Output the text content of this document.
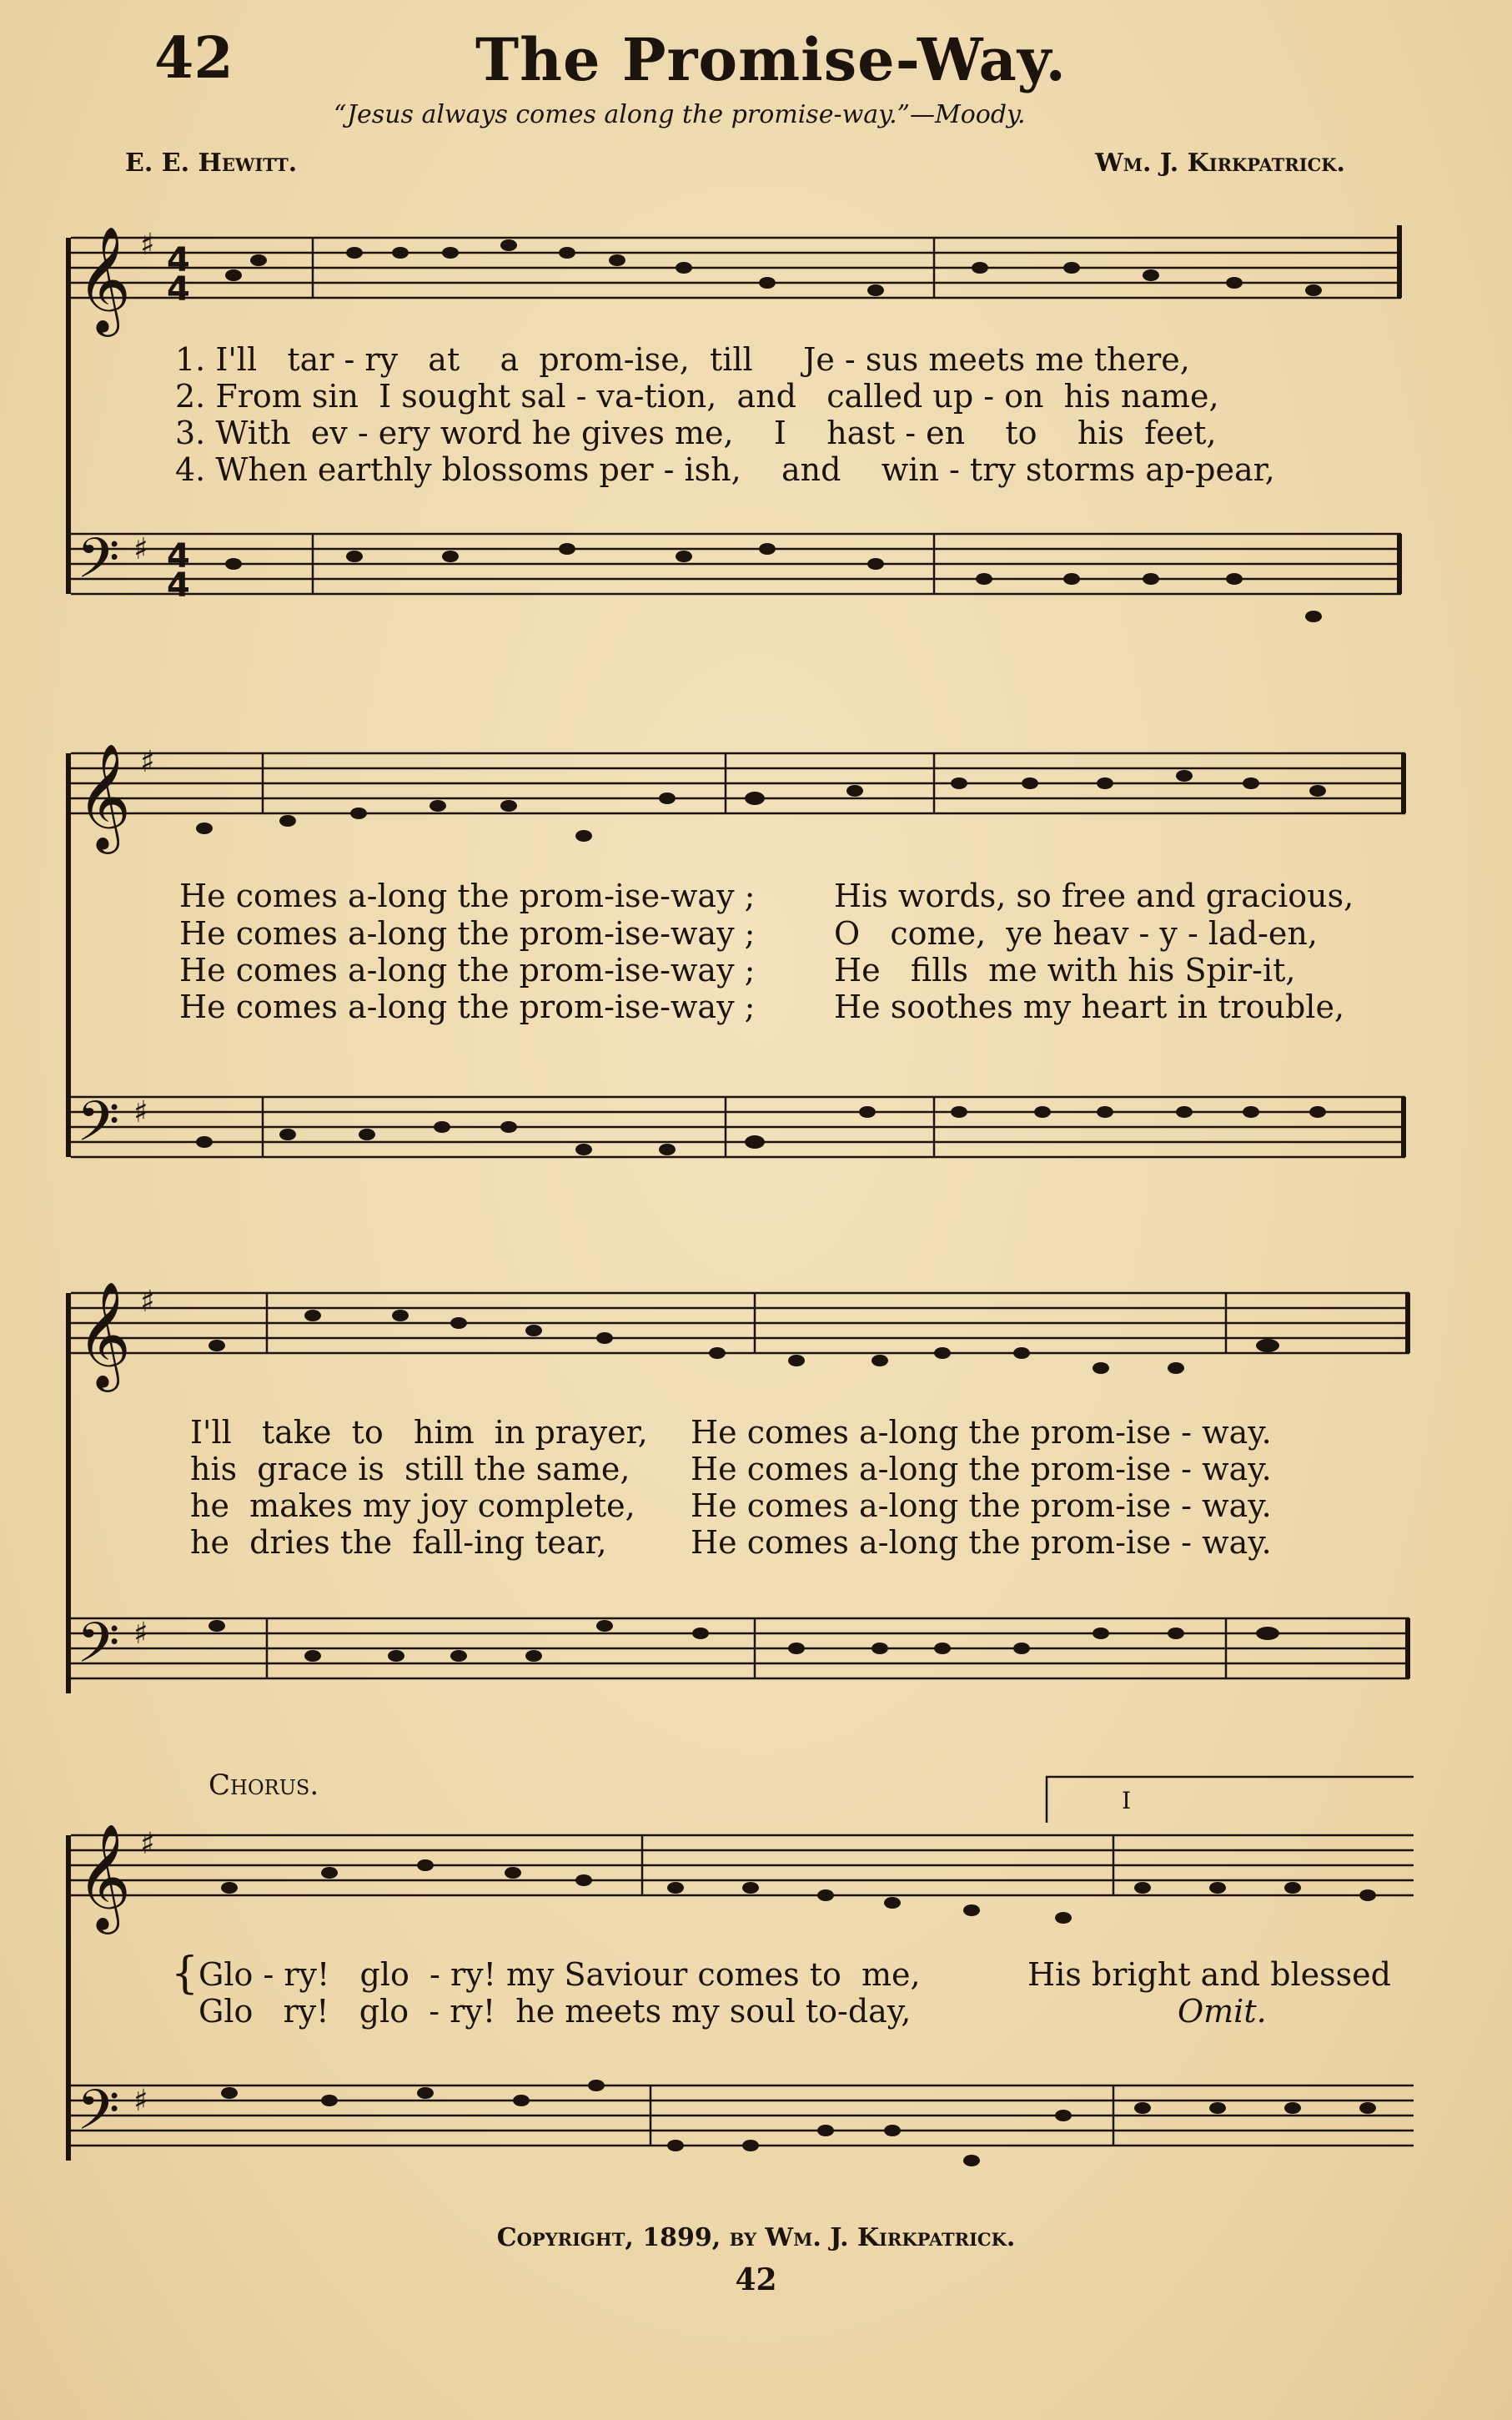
42	The Promise-Way.
“Jesus always comes along the promise-way.”—Moody.
E. E. Hewitt.	Wm. J. Kirkpatrick.
𝄞
𝄢
𝄞
𝄢
𝄞
𝄢
𝄞
𝄢
♯
♯
♯
♯
♯
♯
♯
♯
4
4
4
4
1. I'll   tar - ry   at    a  prom-ise,  till     Je - sus meets me there,
2. From sin  I sought sal - va-tion,  and   called up - on  his name,
3. With  ev - ery word he gives me,    I    hast - en    to    his  feet,
4. When earthly blossoms per - ish,    and    win - try storms ap-pear,
He comes a-long the prom-ise-way ;
He comes a-long the prom-ise-way ;
He comes a-long the prom-ise-way ;
He comes a-long the prom-ise-way ;
His words, so free and gracious,
O   come,  ye heav - y - lad-en,
He   fills  me with his Spir-it,
He soothes my heart in trouble,
I'll   take  to   him  in prayer,
his  grace is  still the same,
he  makes my joy complete,
he  dries the  fall-ing tear,
He comes a-long the prom-ise - way.
He comes a-long the prom-ise - way.
He comes a-long the prom-ise - way.
He comes a-long the prom-ise - way.
Chorus.	I
{ Glo - ry!   glo  - ry! my Saviour comes to  me,	His bright and blessed
Glo   ry!   glo  - ry!  he meets my soul to-day,	Omit.
Copyright, 1899, by Wm. J. Kirkpatrick.
42
